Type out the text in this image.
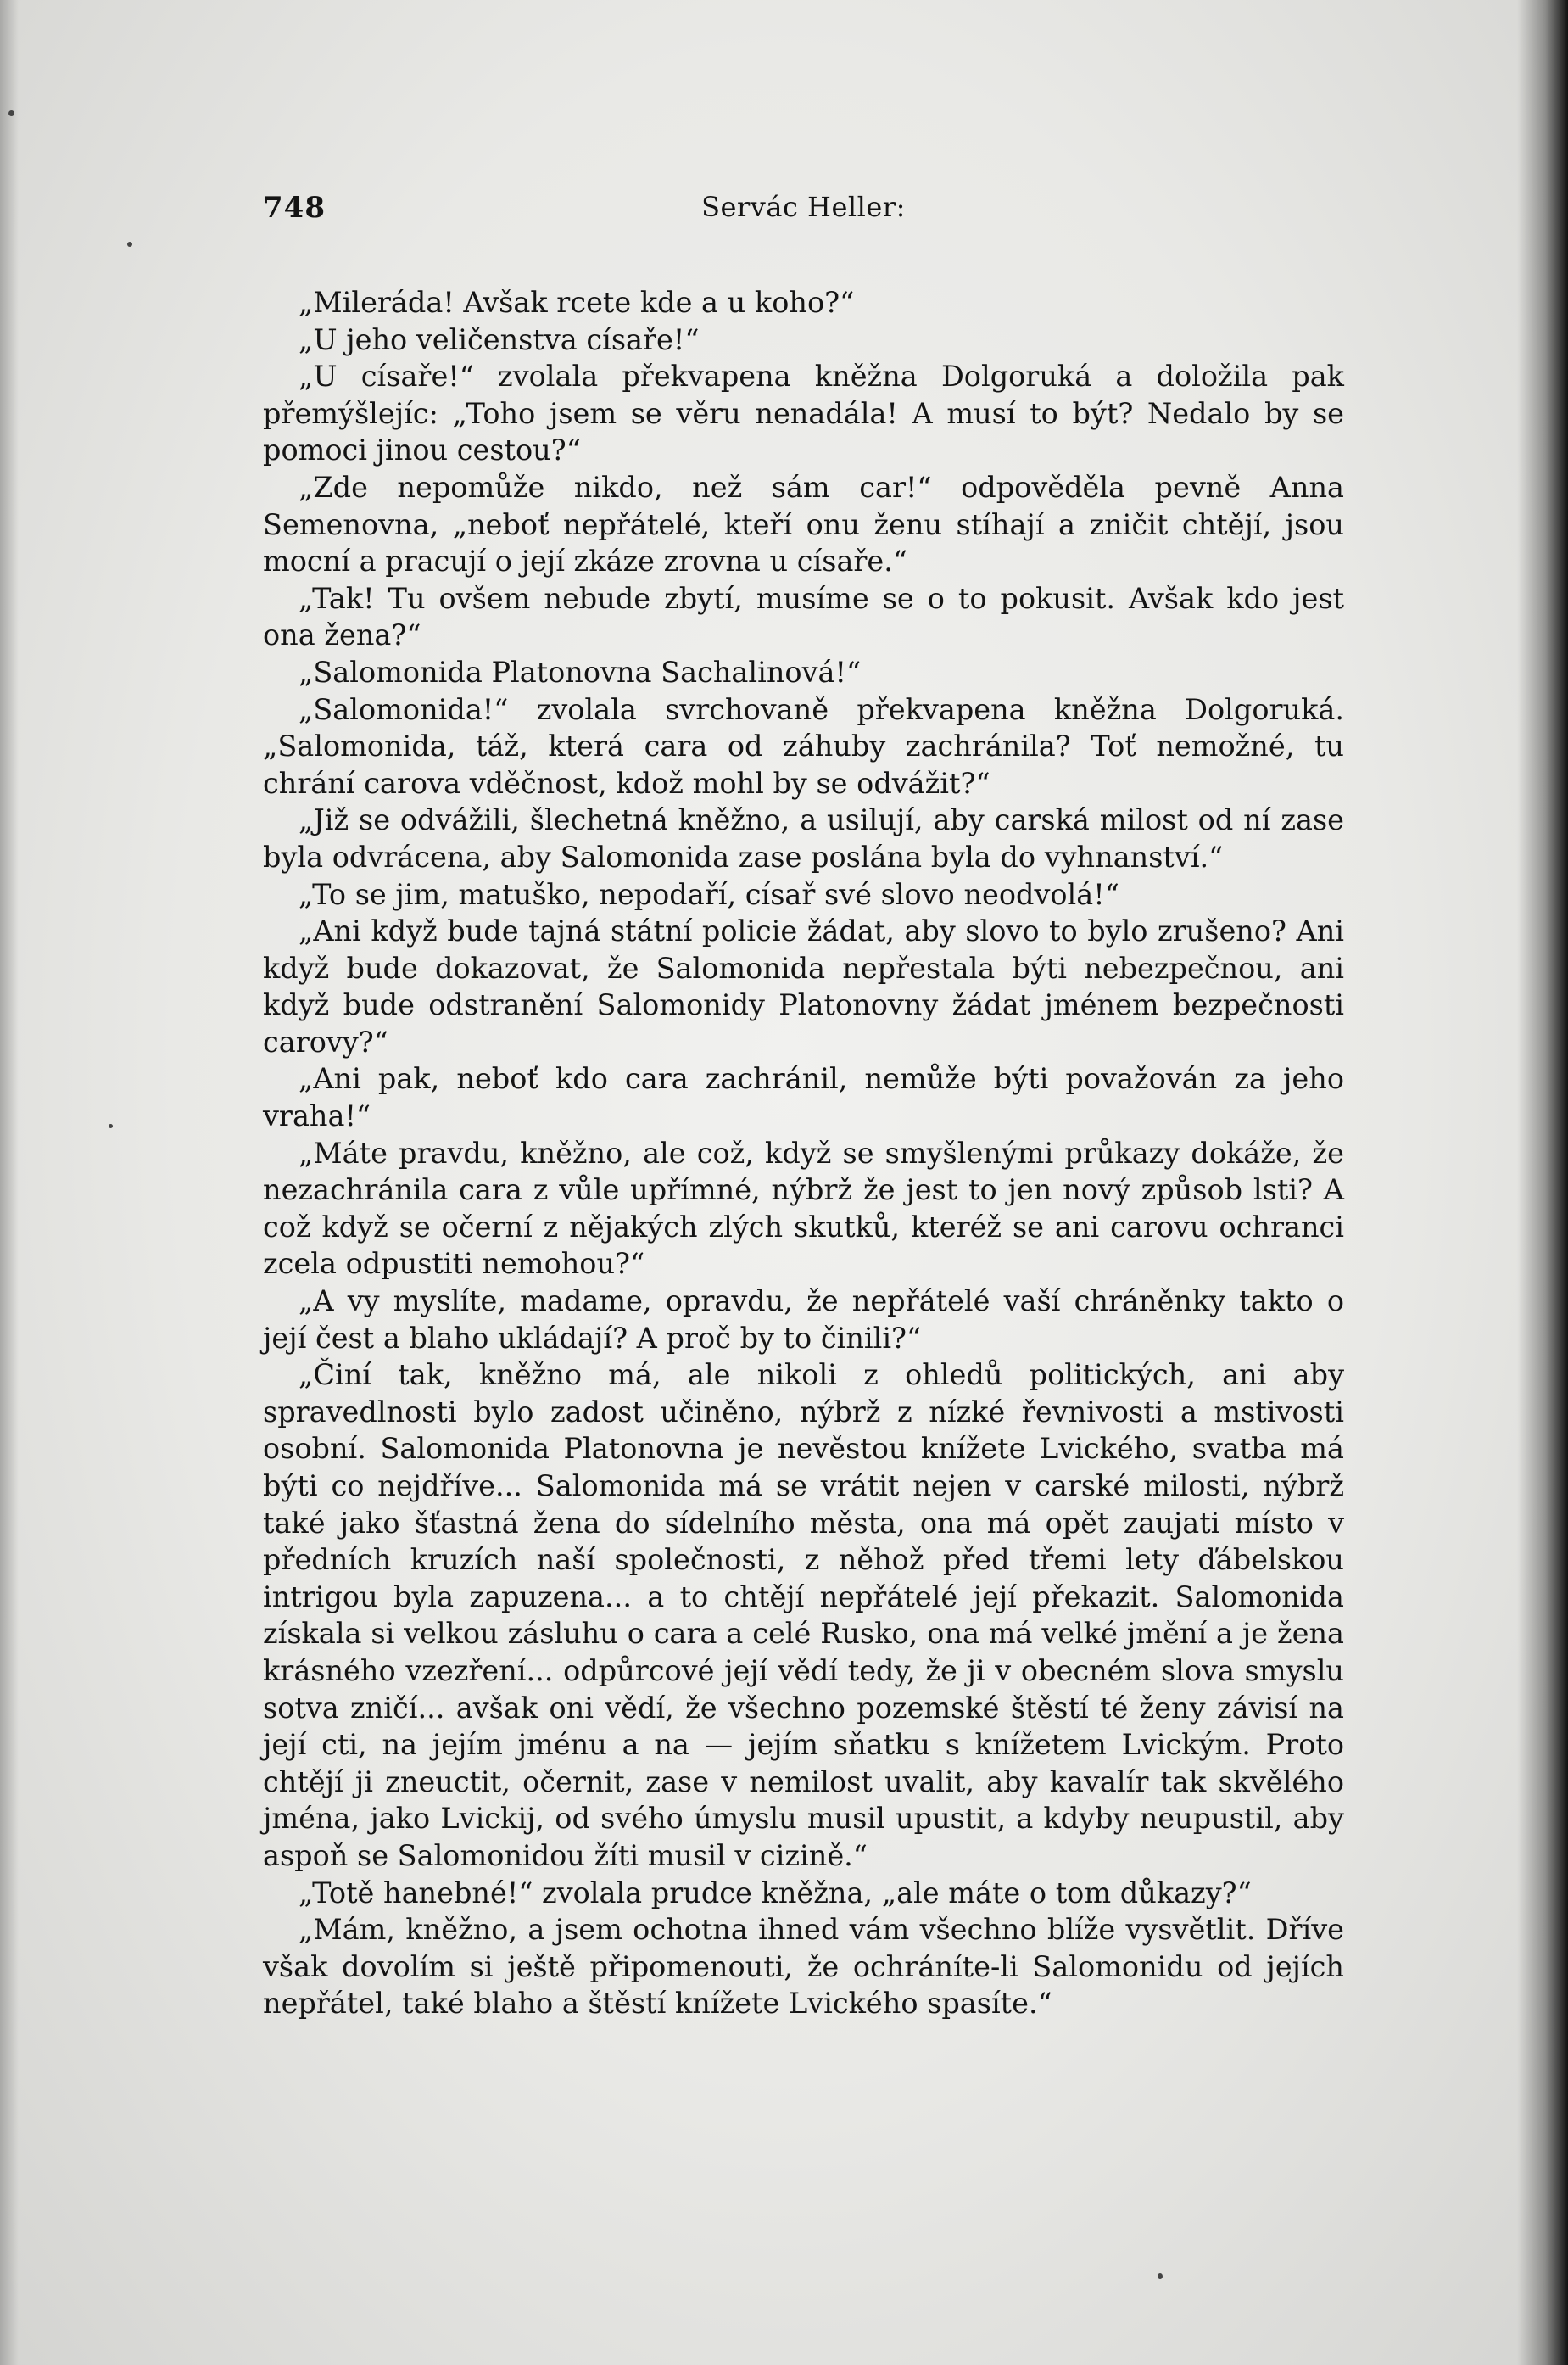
748	Servác Heller:

„Mileráda! Avšak rcete kde a u koho?“

„U jeho veličenstva císaře!“

„U císaře!“ zvolala překvapena kněžna Dolgoruká a doložila pak přemýšlejíc: „Toho jsem se věru nenadála! A musí to být? Nedalo by se pomoci jinou cestou?“

„Zde nepomůže nikdo, než sám car!“ odpověděla pevně Anna Semenovna, „neboť nepřátelé, kteří onu ženu stíhají a zničit chtějí, jsou mocní a pracují o její zkáze zrovna u císaře.“

„Tak! Tu ovšem nebude zbytí, musíme se o to pokusit. Avšak kdo jest ona žena?“

„Salomonida Platonovna Sachalinová!“

„Salomonida!“ zvolala svrchovaně překvapena kněžna Dolgoruká. „Salomonida, táž, která cara od záhuby zachránila? Toť nemožné, tu chrání carova vděčnost, kdož mohl by se odvážit?“

„Již se odvážili, šlechetná kněžno, a usilují, aby carská milost od ní zase byla odvrácena, aby Salomonida zase poslána byla do vyhnanství.“

„To se jim, matuško, nepodaří, císař své slovo neodvolá!“

„Ani když bude tajná státní policie žádat, aby slovo to bylo zrušeno? Ani když bude dokazovat, že Salomonida nepřestala býti nebezpečnou, ani když bude odstranění Salomonidy Platonovny žádat jménem bezpečnosti carovy?“

„Ani pak, neboť kdo cara zachránil, nemůže býti považován za jeho vraha!“

„Máte pravdu, kněžno, ale což, když se smyšlenými průkazy dokáže, že nezachránila cara z vůle upřímné, nýbrž že jest to jen nový způsob lsti? A což když se očerní z nějakých zlých skutků, kteréž se ani carovu ochranci zcela odpustiti nemohou?“

„A vy myslíte, madame, opravdu, že nepřátelé vaší chráněnky takto o její čest a blaho ukládají? A proč by to činili?“

„Činí tak, kněžno má, ale nikoli z ohledů politických, ani aby spravedlnosti bylo zadost učiněno, nýbrž z nízké řevnivosti a mstivosti osobní. Salomonida Platonovna je nevěstou knížete Lvického, svatba má býti co nejdříve... Salomonida má se vrátit nejen v carské milosti, nýbrž také jako šťastná žena do sídelního města, ona má opět zaujati místo v předních kruzích naší společnosti, z něhož před třemi lety ďábelskou intrigou byla zapuzena... a to chtějí nepřátelé její překazit. Salomonida získala si velkou zásluhu o cara a celé Rusko, ona má velké jmění a je žena krásného vzezření... odpůrcové její vědí tedy, že ji v obecném slova smyslu sotva zničí... avšak oni vědí, že všechno pozemské štěstí té ženy závisí na její cti, na jejím jménu a na — jejím sňatku s knížetem Lvickým. Proto chtějí ji zneuctit, očernit, zase v nemilost uvalit, aby kavalír tak skvělého jména, jako Lvickij, od svého úmyslu musil upustit, a kdyby neupustil, aby aspoň se Salomonidou žíti musil v cizině.“

„Totě hanebné!“ zvolala prudce kněžna, „ale máte o tom důkazy?“

„Mám, kněžno, a jsem ochotna ihned vám všechno blíže vysvětlit. Dříve však dovolím si ještě připomenouti, že ochráníte-li Salomonidu od jejích nepřátel, také blaho a štěstí knížete Lvického spasíte.“
